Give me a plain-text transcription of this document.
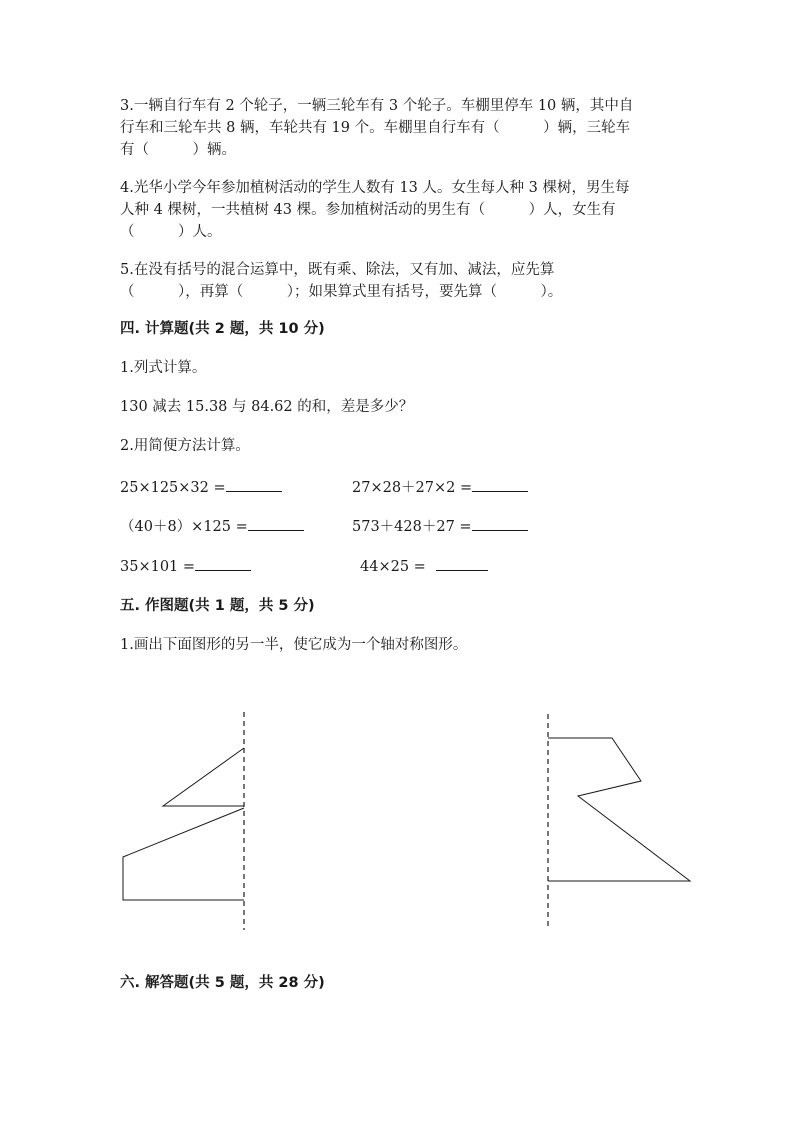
3.一辆自行车有 2 个轮子，一辆三轮车有 3 个轮子。车棚里停车 10 辆，其中自
行车和三轮车共 8 辆，车轮共有 19 个。车棚里自行车有（　　　）辆，三轮车
有（　　　）辆。
4.光华小学今年参加植树活动的学生人数有 13 人。女生每人种 3 棵树，男生每
人种 4 棵树，一共植树 43 棵。参加植树活动的男生有（　　　）人，女生有
（　　　）人。
5.在没有括号的混合运算中，既有乘、除法，又有加、减法，应先算
（　　　），再算（　　　）；如果算式里有括号，要先算（　　　）。
四. 计算题(共 2 题，共 10 分)
1.列式计算。
130 减去 15.38 与 84.62 的和，差是多少？
2.用简便方法计算。
25×125×32 =	27×28＋27×2 =
（40＋8）×125 =	573＋428＋27 =
35×101 =	44×25 =
五. 作图题(共 1 题，共 5 分)
1.画出下面图形的另一半，使它成为一个轴对称图形。
六. 解答题(共 5 题，共 28 分)
